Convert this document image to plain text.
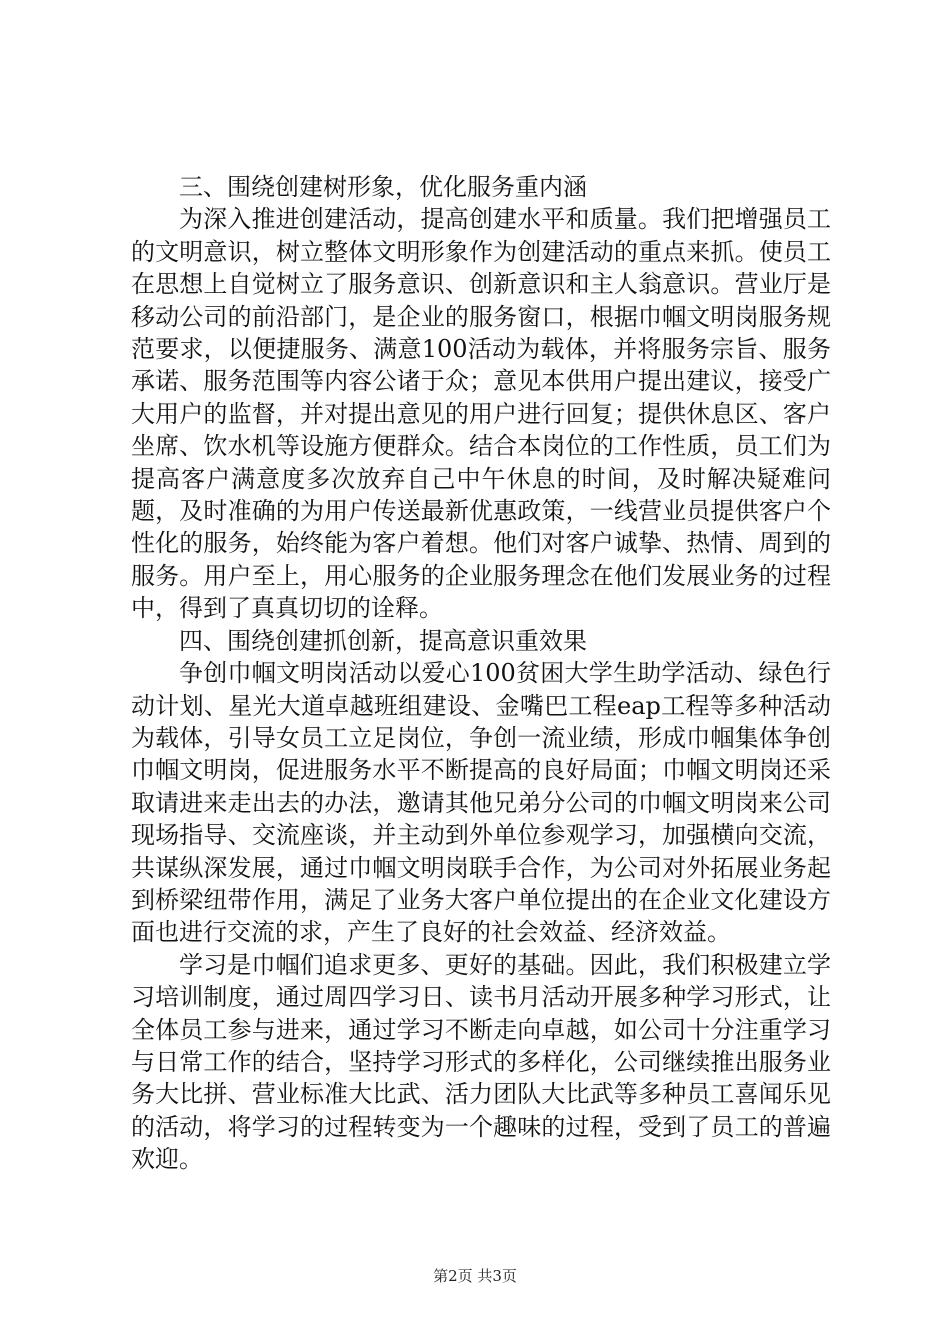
三、围绕创建树形象，优化服务重内涵

为深入推进创建活动，提高创建水平和质量。我们把增强员工的文明意识，树立整体文明形象作为创建活动的重点来抓。使员工在思想上自觉树立了服务意识、创新意识和主人翁意识。营业厅是移动公司的前沿部门，是企业的服务窗口，根据巾帼文明岗服务规范要求，以便捷服务、满意100活动为载体，并将服务宗旨、服务承诺、服务范围等内容公诸于众；意见本供用户提出建议，接受广大用户的监督，并对提出意见的用户进行回复；提供休息区、客户坐席、饮水机等设施方便群众。结合本岗位的工作性质，员工们为提高客户满意度多次放弃自己中午休息的时间，及时解决疑难问题，及时准确的为用户传送最新优惠政策，一线营业员提供客户个性化的服务，始终能为客户着想。他们对客户诚挚、热情、周到的服务。用户至上，用心服务的企业服务理念在他们发展业务的过程中，得到了真真切切的诠释。

四、围绕创建抓创新，提高意识重效果

争创巾帼文明岗活动以爱心100贫困大学生助学活动、绿色行动计划、星光大道卓越班组建设、金嘴巴工程eap工程等多种活动为载体，引导女员工立足岗位，争创一流业绩，形成巾帼集体争创巾帼文明岗，促进服务水平不断提高的良好局面；巾帼文明岗还采取请进来走出去的办法，邀请其他兄弟分公司的巾帼文明岗来公司现场指导、交流座谈，并主动到外单位参观学习，加强横向交流，共谋纵深发展，通过巾帼文明岗联手合作，为公司对外拓展业务起到桥梁纽带作用，满足了业务大客户单位提出的在企业文化建设方面也进行交流的求，产生了良好的社会效益、经济效益。

学习是巾帼们追求更多、更好的基础。因此，我们积极建立学习培训制度，通过周四学习日、读书月活动开展多种学习形式，让全体员工参与进来，通过学习不断走向卓越，如公司十分注重学习与日常工作的结合，坚持学习形式的多样化，公司继续推出服务业务大比拼、营业标准大比武、活力团队大比武等多种员工喜闻乐见的活动，将学习的过程转变为一个趣味的过程，受到了员工的普遍欢迎。

第2页 共3页
